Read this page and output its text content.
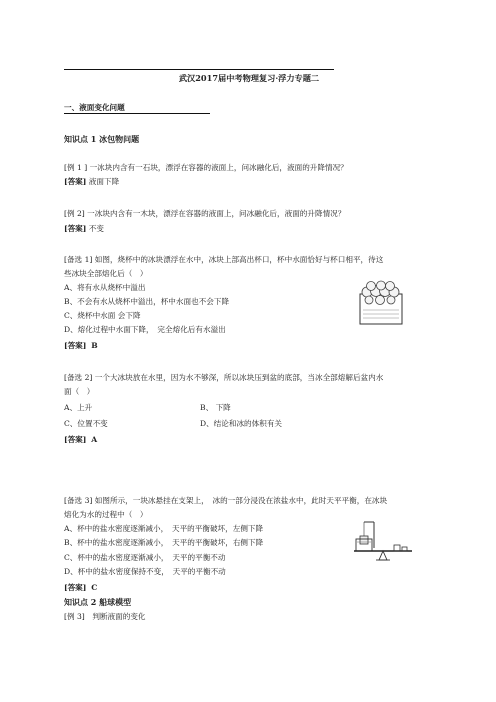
武汉2017届中考物理复习·浮力专题二
一、液面变化问题
知识点 1 冰包物问题
[例 1 ] 一冰块内含有一石块，漂浮在容器的液面上，问冰融化后，液面的升降情况？
[答案] 液面下降
[例 2] 一冰块内含有一木块，漂浮在容器的液面上，问冰融化后，液面的升降情况？
[答案] 不变
[备选 1] 如图，烧杯中的冰块漂浮在水中，冰块上部高出杯口，杯中水面恰好与杯口相平，待这
些冰块全部熔化后（　）
A、将有水从烧杯中溢出
B、不会有水从烧杯中溢出，杯中水面也不会下降
C、烧杯中水面 会下降
D、熔化过程中水面下降，　完全熔化后有水溢出
[答案] B
[备选 2] 一个大冰块放在水里，因为水不够深，所以冰块压到盆的底部，当冰全部熔解后盆内水
面（　）
A、上升	B、 下降
C、位置不变	D、结论和冰的体积有关
[答案] A
[备选 3] 如图所示，一块冰悬挂在支架上，　冰的一部分浸没在浓盐水中，此时天平平衡，在冰块
熔化为水的过程中（　）
A、杯中的盐水密度逐渐减小，　天平的平衡破坏，左侧下降
B、杯中的盐水密度逐渐减小，　天平的平衡破坏，右侧下降
C、杯中的盐水密度逐渐减小，　天平的平衡不动
D、杯中的盐水密度保持不变，　天平的平衡不动
[答案] C
知识点 2 船球模型
[例 3]　判断液面的变化
